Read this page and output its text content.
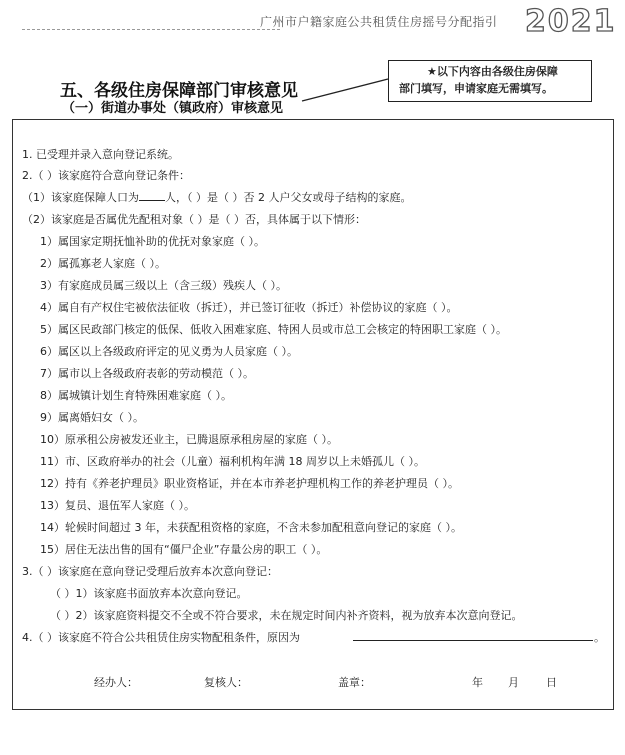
广州市户籍家庭公共租赁住房摇号分配指引 2021
五、各级住房保障部门审核意见
（一）街道办事处（镇政府）审核意见
★以下内容由各级住房保障
部门填写，申请家庭无需填写。
1. 已受理并录入意向登记系统。
2.（ ）该家庭符合意向登记条件：
（1）该家庭保障人口为 人，（ ）是（ ）否 2 人户父女或母子结构的家庭。
（2）该家庭是否属优先配租对象（ ）是（ ）否，具体属于以下情形：
1）属国家定期抚恤补助的优抚对象家庭（ ）。
2）属孤寡老人家庭（ ）。
3）有家庭成员属三级以上（含三级）残疾人（ ）。
4）属自有产权住宅被依法征收（拆迁），并已签订征收（拆迁）补偿协议的家庭（ ）。
5）属区民政部门核定的低保、低收入困难家庭、特困人员或市总工会核定的特困职工家庭（ ）。
6）属区以上各级政府评定的见义勇为人员家庭（ ）。
7）属市以上各级政府表彰的劳动模范（ ）。
8）属城镇计划生育特殊困难家庭（ ）。
9）属离婚妇女（ ）。
10）原承租公房被发还业主，已腾退原承租房屋的家庭（ ）。
11）市、区政府举办的社会（儿童）福利机构年满 18 周岁以上未婚孤儿（ ）。
12）持有《养老护理员》职业资格证，并在本市养老护理机构工作的养老护理员（ ）。
13）复员、退伍军人家庭（ ）。
14）轮候时间超过 3 年，未获配租资格的家庭，不含未参加配租意向登记的家庭（ ）。
15）居住无法出售的国有“僵尸企业”存量公房的职工（ ）。
3.（ ）该家庭在意向登记受理后放弃本次意向登记：
（ ）1）该家庭书面放弃本次意向登记。
（ ）2）该家庭资料提交不全或不符合要求，未在规定时间内补齐资料，视为放弃本次意向登记。
4.（ ）该家庭不符合公共租赁住房实物配租条件，原因为	。
经办人：	复核人：	盖章：	年 月 日
